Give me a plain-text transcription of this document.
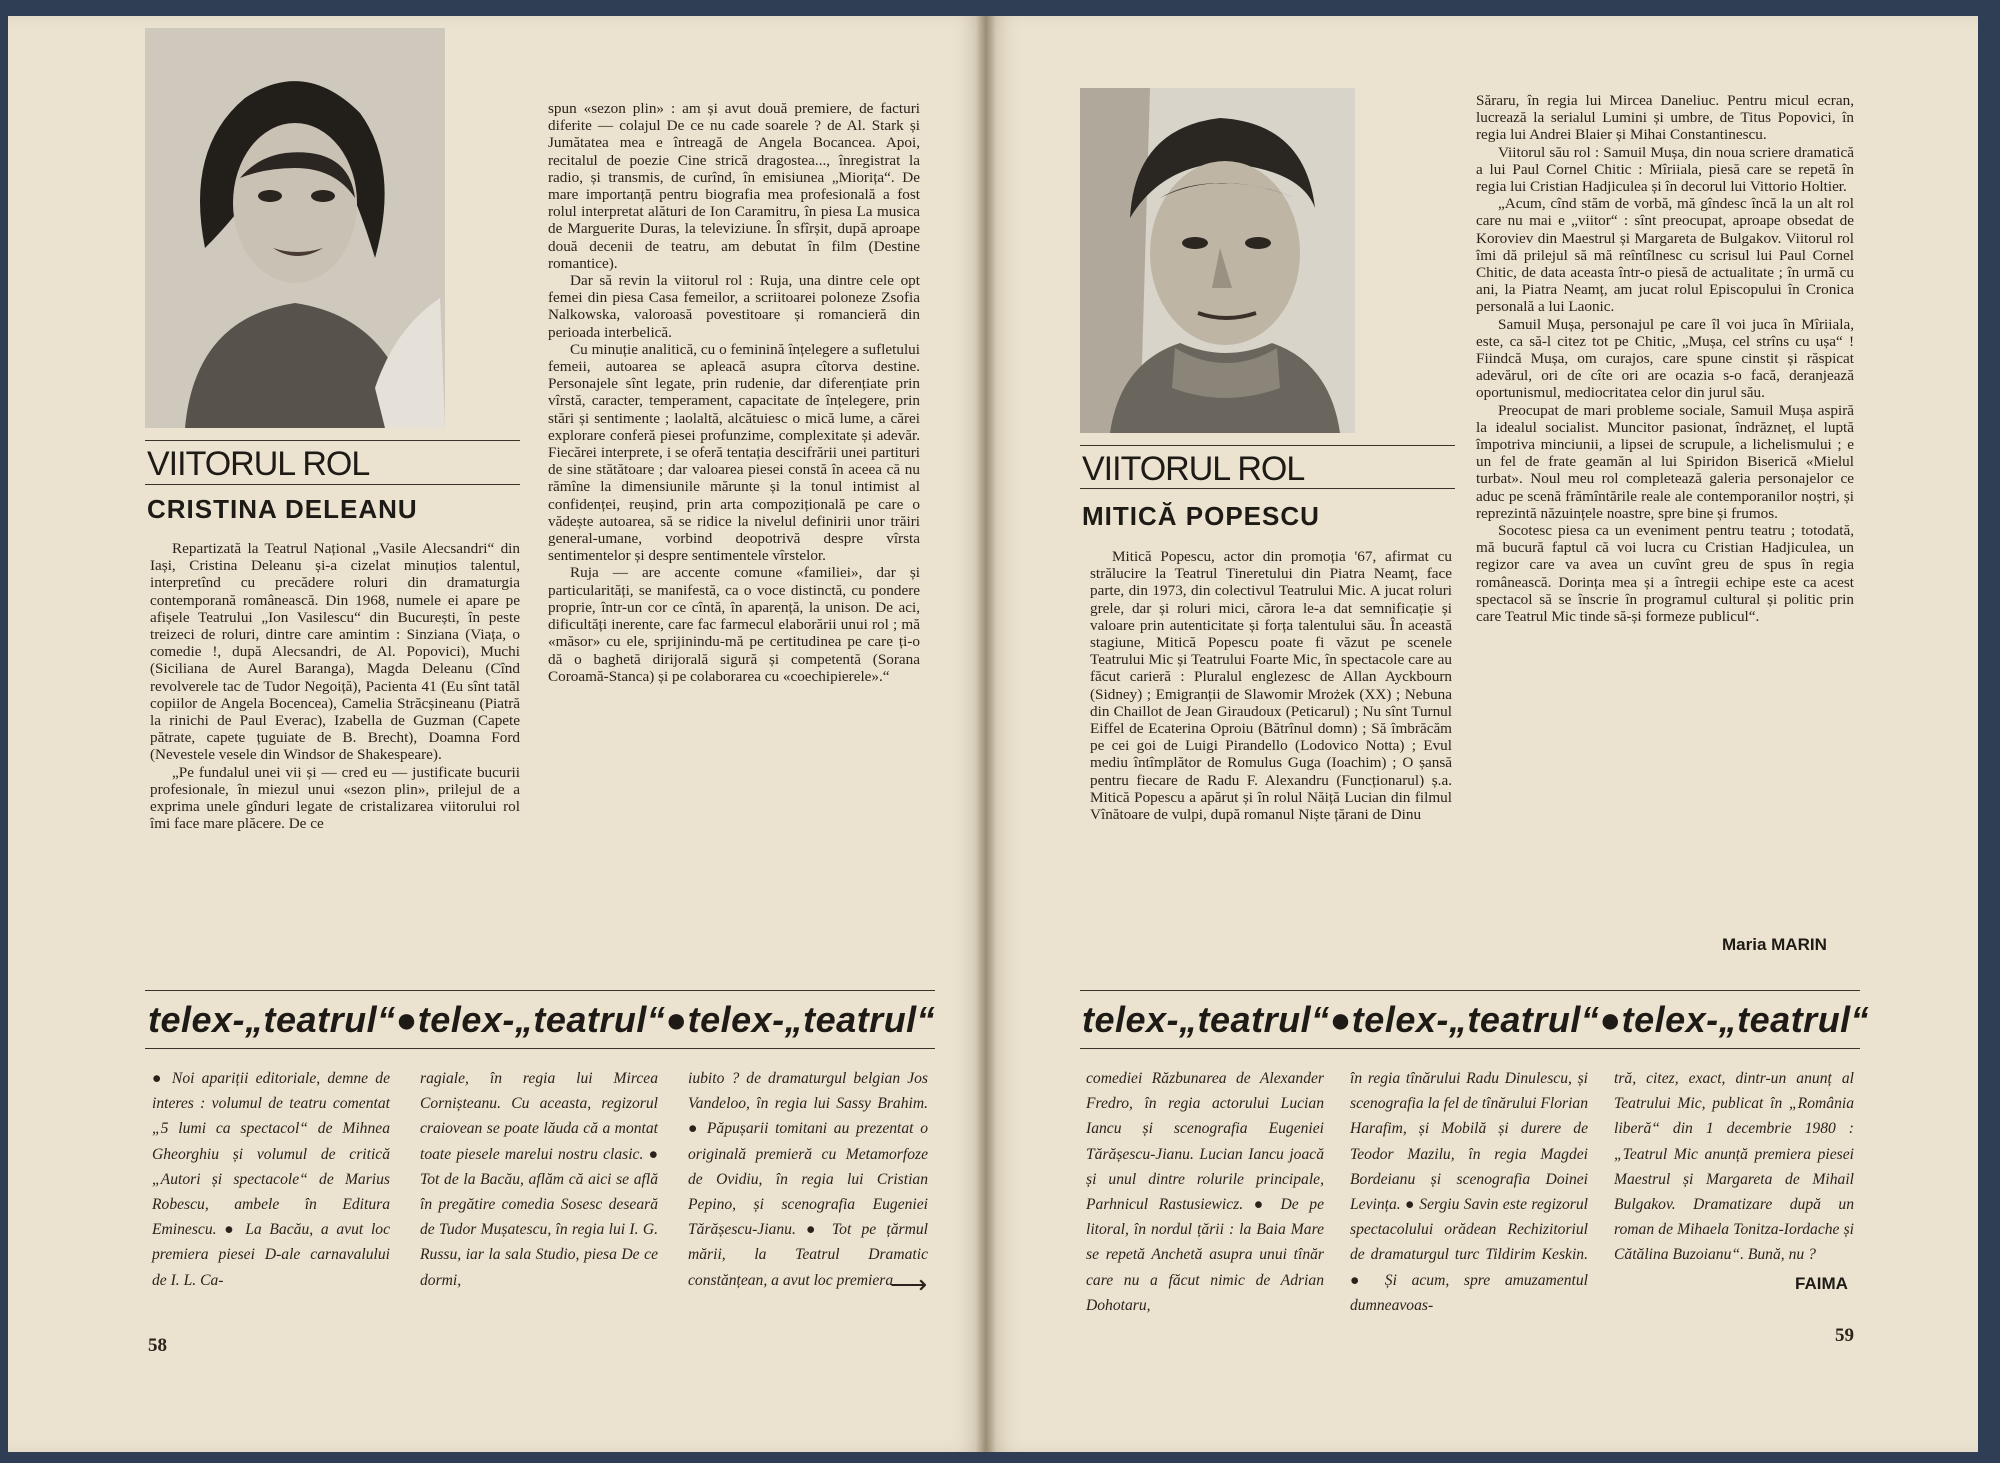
VIITORUL ROL
CRISTINA DELEANU

Repartizată la Teatrul Național „Vasile Alecsandri“ din Iași, Cristina Deleanu și-a cizelat minuțios talentul, interpretînd cu precădere roluri din dramaturgia contemporană românească. Din 1968, numele ei apare pe afișele Teatrului „Ion Vasilescu“ din București, în peste treizeci de roluri, dintre care amintim : Sinziana (Viața, o comedie !, după Alecsandri, de Al. Popovici), Muchi (Siciliana de Aurel Baranga), Magda Deleanu (Cînd revolverele tac de Tudor Negoiță), Pacienta 41 (Eu sînt tatăl copiilor de Angela Bocencea), Camelia Străcșineanu (Piatră la rinichi de Paul Everac), Izabella de Guzman (Capete pătrate, capete țuguiate de B. Brecht), Doamna Ford (Nevestele vesele din Windsor de Shakespeare).

„Pe fundalul unei vii și — cred eu — justificate bucurii profesionale, în miezul unui «sezon plin», prilejul de a exprima unele gînduri legate de cristalizarea viitorului rol îmi face mare plăcere. De ce

spun «sezon plin» : am și avut două premiere, de facturi diferite — colajul De ce nu cade soarele ? de Al. Stark și Jumătatea mea e întreagă de Angela Bocancea. Apoi, recitalul de poezie Cine strică dragostea..., înregistrat la radio, și transmis, de curînd, în emisiunea „Miorița“. De mare importanță pentru biografia mea profesională a fost rolul interpretat alături de Ion Caramitru, în piesa La musica de Marguerite Duras, la televiziune. În sfîrșit, după aproape două decenii de teatru, am debutat în film (Destine romantice).

Dar să revin la viitorul rol : Ruja, una dintre cele opt femei din piesa Casa femeilor, a scriitoarei poloneze Zsofia Nalkowska, valoroasă povestitoare și romancieră din perioada interbelică.

Cu minuție analitică, cu o feminină înțelegere a sufletului femeii, autoarea se apleacă asupra cîtorva destine. Personajele sînt legate, prin rudenie, dar diferențiate prin vîrstă, caracter, temperament, capacitate de înțelegere, prin stări și sentimente ; laolaltă, alcătuiesc o mică lume, a cărei explorare conferă piesei profunzime, complexitate și adevăr. Fiecărei interprete, i se oferă tentația descifrării unei partituri de sine stătătoare ; dar valoarea piesei constă în aceea că nu rămîne la dimensiunile mărunte și la tonul intimist al confidenței, reușind, prin arta compozițională pe care o vădește autoarea, să se ridice la nivelul definirii unor trăiri general-umane, vorbind deopotrivă despre vîrsta sentimentelor și despre sentimentele vîrstelor.

Ruja — are accente comune «familiei», dar și particularități, se manifestă, ca o voce distinctă, cu pondere proprie, într-un cor ce cîntă, în aparență, la unison. De aci, dificultăți inerente, care fac farmecul elaborării unui rol ; mă «măsor» cu ele, sprijinindu-mă pe certitudinea pe care ți-o dă o baghetă dirijorală sigură și competentă (Sorana Coroamă-Stanca) și pe colaborarea cu «coechipierele».“

telex-„teatrul“●telex-„teatrul“●telex-„teatrul“
● Noi apariții editoriale, demne de interes : volumul de teatru comentat „5 lumi ca spectacol“ de Mihnea Gheorghiu și volumul de critică „Autori și spectacole“ de Marius Robescu, ambele în Editura Eminescu. ● La Bacău, a avut loc premiera piesei D-ale carnavalului de I. L. Ca-
ragiale, în regia lui Mircea Cornișteanu. Cu aceasta, regizorul craiovean se poate lăuda că a montat toate piesele marelui nostru clasic. ● Tot de la Bacău, aflăm că aici se află în pregătire comedia Sosesc deseară de Tudor Mușatescu, în regia lui I. G. Russu, iar la sala Studio, piesa De ce dormi,
iubito ? de dramaturgul belgian Jos Vandeloo, în regia lui Sassy Brahim. ● Păpușarii tomitani au prezentat o originală premieră cu Metamorfoze de Ovidiu, în regia lui Cristian Pepino, și scenografia Eugeniei Tărășescu-Jianu. ● Tot pe țărmul mării, la Teatrul Dramatic constănțean, a avut loc premiera
⟶
58
VIITORUL ROL
MITICĂ POPESCU

Mitică Popescu, actor din promoția '67, afirmat cu strălucire la Teatrul Tineretului din Piatra Neamț, face parte, din 1973, din colectivul Teatrului Mic. A jucat roluri grele, dar și roluri mici, cărora le-a dat semnificație și valoare prin autenticitate și forța talentului său. În această stagiune, Mitică Popescu poate fi văzut pe scenele Teatrului Mic și Teatrului Foarte Mic, în spectacole care au făcut carieră : Pluralul englezesc de Allan Ayckbourn (Sidney) ; Emigranții de Slawomir Mrożek (XX) ; Nebuna din Chaillot de Jean Giraudoux (Peticarul) ; Nu sînt Turnul Eiffel de Ecaterina Oproiu (Bătrînul domn) ; Să îmbrăcăm pe cei goi de Luigi Pirandello (Lodovico Notta) ; Evul mediu întîmplător de Romulus Guga (Ioachim) ; O șansă pentru fiecare de Radu F. Alexandru (Funcționarul) ș.a. Mitică Popescu a apărut și în rolul Năiță Lucian din filmul Vînătoare de vulpi, după romanul Niște țărani de Dinu

Săraru, în regia lui Mircea Daneliuc. Pentru micul ecran, lucrează la serialul Lumini și umbre, de Titus Popovici, în regia lui Andrei Blaier și Mihai Constantinescu.

Viitorul său rol : Samuil Mușa, din noua scriere dramatică a lui Paul Cornel Chitic : Mîriiala, piesă care se repetă în regia lui Cristian Hadjiculea și în decorul lui Vittorio Holtier.

„Acum, cînd stăm de vorbă, mă gîndesc încă la un alt rol care nu mai e „viitor“ : sînt preocupat, aproape obsedat de Koroviev din Maestrul și Margareta de Bulgakov. Viitorul rol îmi dă prilejul să mă reîntîlnesc cu scrisul lui Paul Cornel Chitic, de data aceasta într-o piesă de actualitate ; în urmă cu ani, la Piatra Neamț, am jucat rolul Episcopului în Cronica personală a lui Laonic.

Samuil Mușa, personajul pe care îl voi juca în Mîriiala, este, ca să-l citez tot pe Chitic, „Mușa, cel strîns cu ușa“ ! Fiindcă Mușa, om curajos, care spune cinstit și răspicat adevărul, ori de cîte ori are ocazia s-o facă, deranjează oportunismul, mediocritatea celor din jurul său.

Preocupat de mari probleme sociale, Samuil Mușa aspiră la idealul socialist. Muncitor pasionat, îndrăzneț, el luptă împotriva minciunii, a lipsei de scrupule, a lichelismului ; e un fel de frate geamăn al lui Spiridon Biserică «Mielul turbat». Noul meu rol completează galeria personajelor ce aduc pe scenă frămîntările reale ale contemporanilor noștri, și reprezintă năzuințele noastre, spre bine și frumos.

Socotesc piesa ca un eveniment pentru teatru ; totodată, mă bucură faptul că voi lucra cu Cristian Hadjiculea, un regizor care va avea un cuvînt greu de spus în regia românească. Dorința mea și a întregii echipe este ca acest spectacol să se înscrie în programul cultural și politic prin care Teatrul Mic tinde să-și formeze publicul“.

Maria MARIN
telex-„teatrul“●telex-„teatrul“●telex-„teatrul“
comediei Răzbunarea de Alexander Fredro, în regia actorului Lucian Iancu și scenografia Eugeniei Tărășescu-Jianu. Lucian Iancu joacă și unul dintre rolurile principale, Parhnicul Rastusiewicz. ● De pe litoral, în nordul țării : la Baia Mare se repetă Anchetă asupra unui tînăr care nu a făcut nimic de Adrian Dohotaru,
în regia tînărului Radu Dinulescu, și scenografia la fel de tînărului Florian Harafim, și Mobilă și durere de Teodor Mazilu, în regia Magdei Bordeianu și scenografia Doinei Levința. ● Sergiu Savin este regizorul spectacolului orădean Rechizitoriul de dramaturgul turc Tildirim Keskin. ● Și acum, spre amuzamentul dumneavoas-
tră, citez, exact, dintr-un anunț al Teatrului Mic, publicat în „România liberă“ din 1 decembrie 1980 : „Teatrul Mic anunță premiera piesei Maestrul și Margareta de Mihail Bulgakov. Dramatizare după un roman de Mihaela Tonitza-Iordache și Cătălina Buzoianu“. Bună, nu ?
FAIMA
59
